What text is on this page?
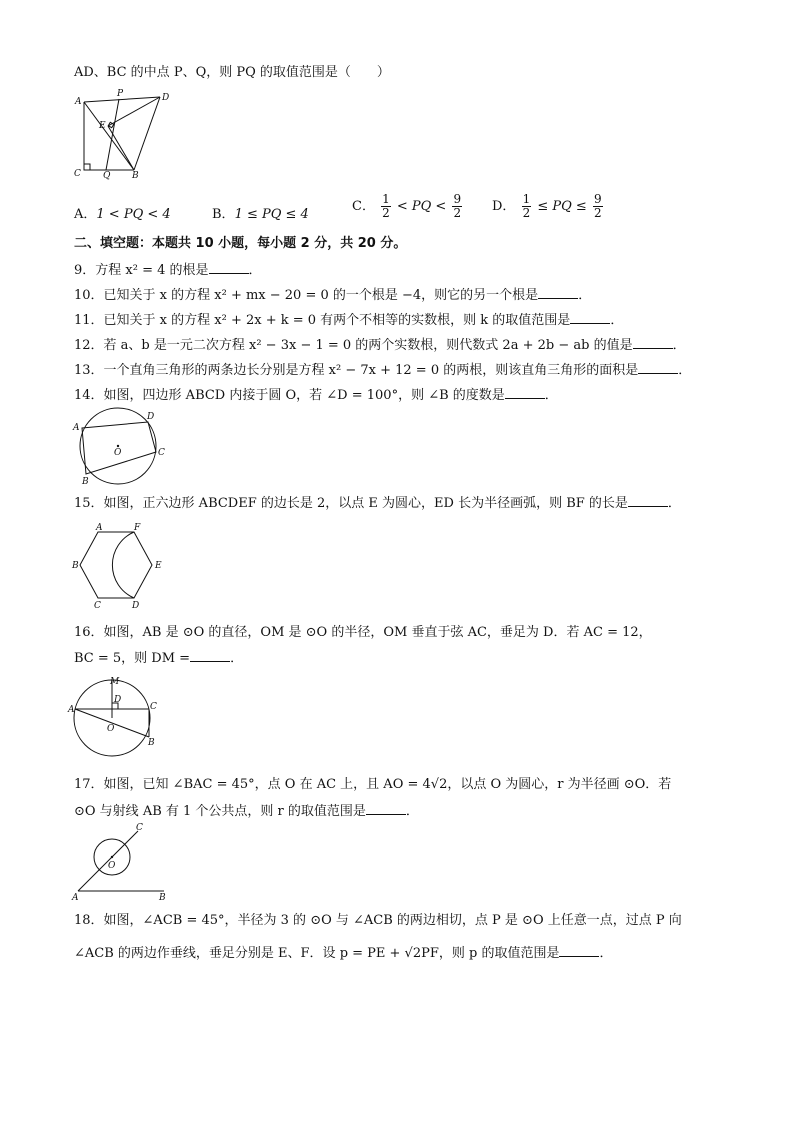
AD、BC 的中点 P、Q，则 PQ 的取值范围是（　　）
A
P	D
E
C Q B
A．1 < PQ < 4	B．1 ≤ PQ ≤ 4
C． $\frac{1}{2}$ < PQ < $\frac{9}{2}$ D． $\frac{1}{2}$ ≤ PQ ≤ $\frac{9}{2}$
二、填空题：本题共 10 小题，每小题 2 分，共 20 分。
9．方程 x² = 4 的根是	．
10．已知关于 x 的方程 x² + mx − 20 = 0 的一个根是 −4，则它的另一个根是	．
11．已知关于 x 的方程 x² + 2x + k = 0 有两个不相等的实数根，则 k 的取值范围是	．
12．若 a、b 是一元二次方程 x² − 3x − 1 = 0 的两个实数根，则代数式 2a + 2b − ab 的值是	．
13．一个直角三角形的两条边长分别是方程 x² − 7x + 12 = 0 的两根，则该直角三角形的面积是	．
14．如图，四边形 ABCD 内接于圆 O，若 ∠D = 100°，则 ∠B 的度数是	．
A
D
O	C
B
15．如图，正六边形 ABCDEF 的边长是 2，以点 E 为圆心，ED 长为半径画弧，则 BF 的长是	．
A	F
B	E
C	D
16．如图，AB 是 ⊙O 的直径，OM 是 ⊙O 的半径，OM 垂直于弦 AC，垂足为 D．若 AC = 12，
BC = 5，则 DM =	．
M
A
D
C
O
B
17．如图，已知 ∠BAC = 45°，点 O 在 AC 上，且 AO = 4√2，以点 O 为圆心，r 为半径画 ⊙O．若
⊙O 与射线 AB 有 1 个公共点，则 r 的取值范围是	．
C
O
A	B
18．如图，∠ACB = 45°，半径为 3 的 ⊙O 与 ∠ACB 的两边相切，点 P 是 ⊙O 上任意一点，过点 P 向
∠ACB 的两边作垂线，垂足分别是 E、F．设 p = PE + √2PF，则 p 的取值范围是	．
